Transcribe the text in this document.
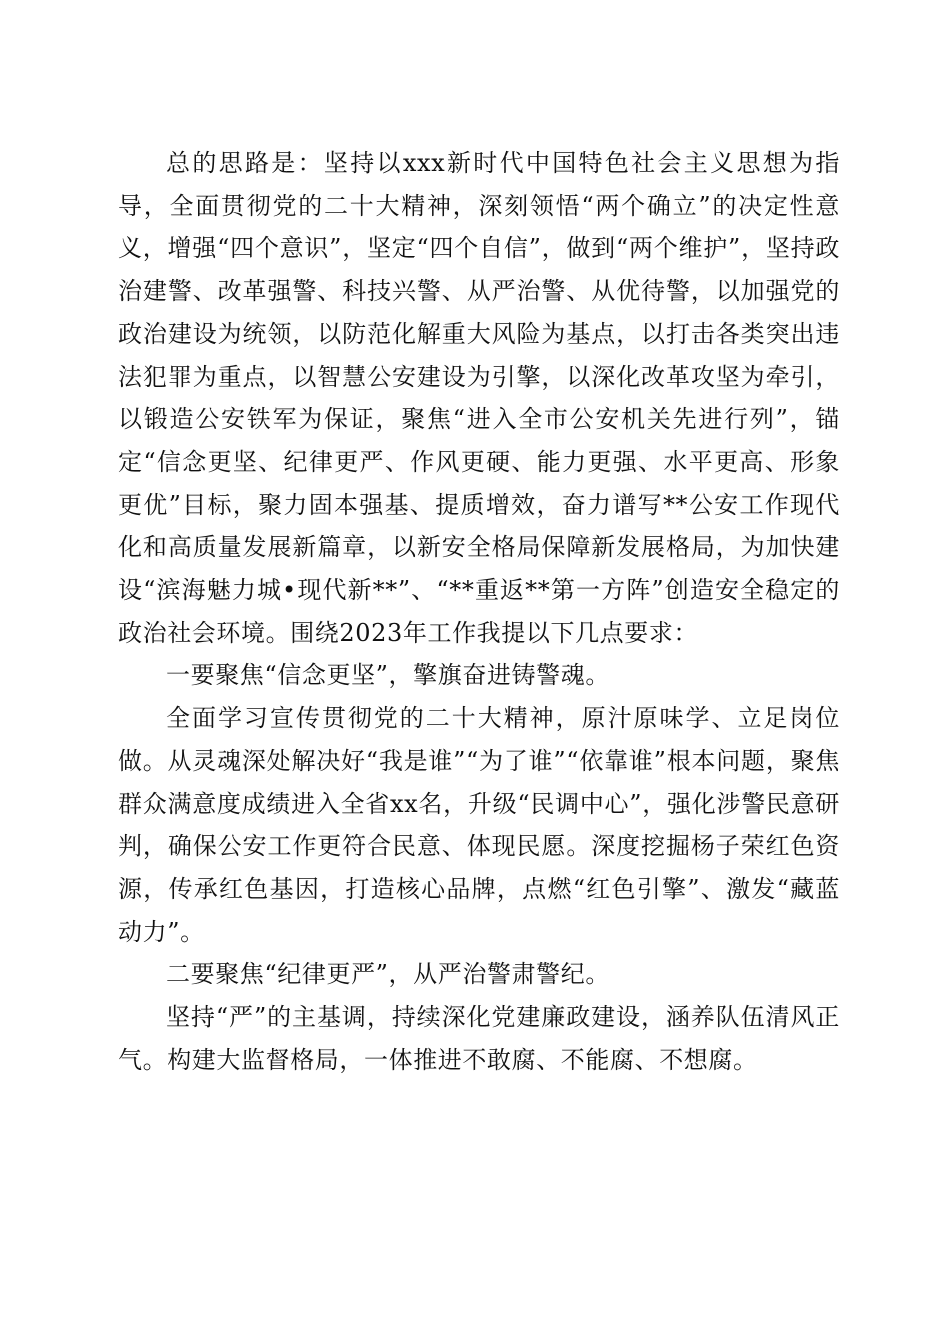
总的思路是：坚持以xxx新时代中国特色社会主义思想为指导，全面贯彻党的二十大精神，深刻领悟“两个确立”的决定性意义，增强“四个意识”，坚定“四个自信”，做到“两个维护”，坚持政治建警、改革强警、科技兴警、从严治警、从优待警，以加强党的政治建设为统领，以防范化解重大风险为基点，以打击各类突出违法犯罪为重点，以智慧公安建设为引擎，以深化改革攻坚为牵引，以锻造公安铁军为保证，聚焦“进入全市公安机关先进行列”，锚定“信念更坚、纪律更严、作风更硬、能力更强、水平更高、形象更优”目标，聚力固本强基、提质增效，奋力谱写**公安工作现代化和高质量发展新篇章，以新安全格局保障新发展格局，为加快建设“滨海魅力城•现代新**”、“**重返**第一方阵”创造安全稳定的政治社会环境。围绕2023年工作我提以下几点要求：

一要聚焦“信念更坚”，擎旗奋进铸警魂。

全面学习宣传贯彻党的二十大精神，原汁原味学、立足岗位做。从灵魂深处解决好“我是谁”“为了谁”“依靠谁”根本问题，聚焦群众满意度成绩进入全省xx名，升级“民调中心”，强化涉警民意研判，确保公安工作更符合民意、体现民愿。深度挖掘杨子荣红色资源，传承红色基因，打造核心品牌，点燃“红色引擎”、激发“藏蓝动力”。

二要聚焦“纪律更严”，从严治警肃警纪。

坚持“严”的主基调，持续深化党建廉政建设，涵养队伍清风正气。构建大监督格局，一体推进不敢腐、不能腐、不想腐。
